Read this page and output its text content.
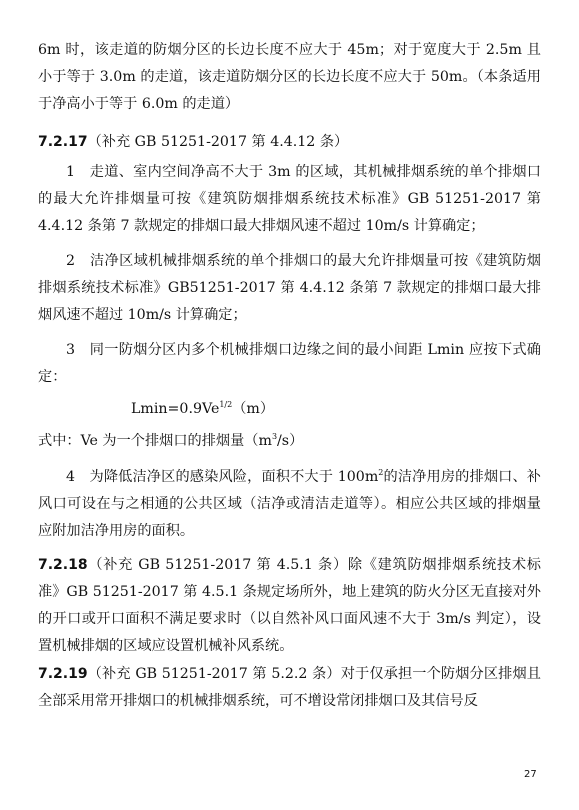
6m 时，该走道的防烟分区的长边长度不应大于 45m；对于宽度大于 2.5m 且小于等于 3.0m 的走道，该走道防烟分区的长边长度不应大于 50m。（本条适用于净高小于等于 6.0m 的走道）

7.2.17（补充 GB 51251-2017 第 4.4.12 条）

1　走道、室内空间净高不大于 3m 的区域，其机械排烟系统的单个排烟口的最大允许排烟量可按《建筑防烟排烟系统技术标准》GB 51251-2017 第 4.4.12 条第 7 款规定的排烟口最大排烟风速不超过 10m/s 计算确定；

2　洁净区域机械排烟系统的单个排烟口的最大允许排烟量可按《建筑防烟排烟系统技术标准》GB51251-2017 第 4.4.12 条第 7 款规定的排烟口最大排烟风速不超过 10m/s 计算确定；

3　同一防烟分区内多个机械排烟口边缘之间的最小间距 Lmin 应按下式确定：

$Lmin=0.9Ve^{1/2}(m)$

式中：Ve 为一个排烟口的排烟量$(m^3/s)$

4　为降低洁净区的感染风险，面积不大于 $100m^2$的洁净用房的排烟口、补风口可设在与之相通的公共区域（洁净或清洁走道等）。相应公共区域的排烟量应附加洁净用房的面积。

7.2.18（补充 GB 51251-2017 第 4.5.1 条）除《建筑防烟排烟系统技术标准》GB 51251-2017 第 4.5.1 条规定场所外，地上建筑的防火分区无直接对外的开口或开口面积不满足要求时（以自然补风口面风速不大于 3m/s 判定），设置机械排烟的区域应设置机械补风系统。

7.2.19（补充 GB 51251-2017 第 5.2.2 条）对于仅承担一个防烟分区排烟且全部采用常开排烟口的机械排烟系统，可不增设常闭排烟口及其信号反

27
